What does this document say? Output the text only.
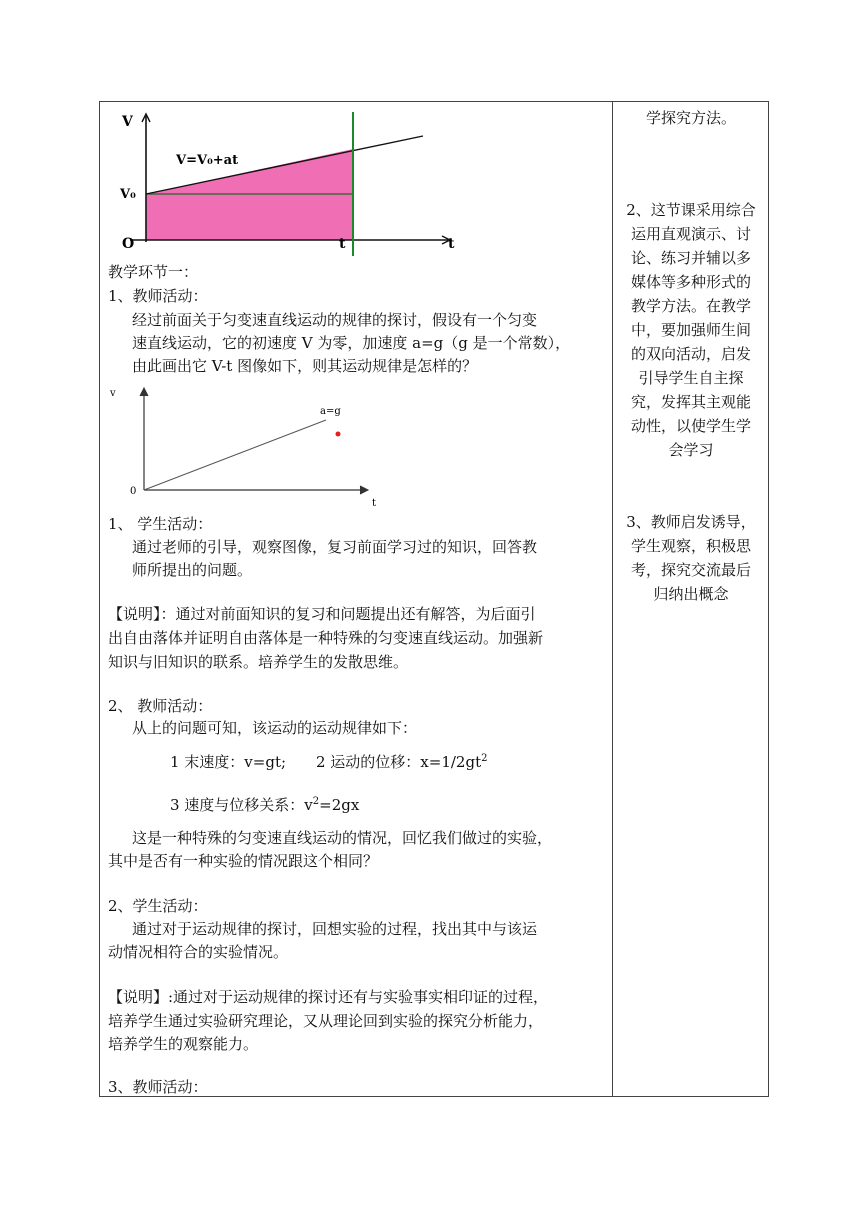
V
V=V₀+at
V₀
O	t	t
教学环节一：
1、教师活动：
经过前面关于匀变速直线运动的规律的探讨，假设有一个匀变
速直线运动，它的初速度 V 为零，加速度 a=g（g 是一个常数），
由此画出它 V-t 图像如下，则其运动规律是怎样的？
v
a=g
0
t
1、 学生活动：
通过老师的引导，观察图像，复习前面学习过的知识，回答教
师所提出的问题。
【说明】：通过对前面知识的复习和问题提出还有解答，为后面引
出自由落体并证明自由落体是一种特殊的匀变速直线运动。加强新
知识与旧知识的联系。培养学生的发散思维。
2、 教师活动：
从上的问题可知，该运动的运动规律如下：
1 末速度：v=gt; 2 运动的位移：$x=1/2gt^2$
3 速度与位移关系：$v^2=2gx$
这是一种特殊的匀变速直线运动的情况，回忆我们做过的实验，
其中是否有一种实验的情况跟这个相同？
2、学生活动：
通过对于运动规律的探讨，回想实验的过程，找出其中与该运
动情况相符合的实验情况。
【说明】:通过对于运动规律的探讨还有与实验事实相印证的过程，
培养学生通过实验研究理论，又从理论回到实验的探究分析能力，
培养学生的观察能力。
3、教师活动：
学探究方法。
2、这节课采用综合
运用直观演示、讨
论、练习并辅以多
媒体等多种形式的
教学方法。在教学
中，要加强师生间
的双向活动，启发
引导学生自主探
究，发挥其主观能
动性，以使学生学
会学习
3、教师启发诱导，
学生观察，积极思
考，探究交流最后
归纳出概念
